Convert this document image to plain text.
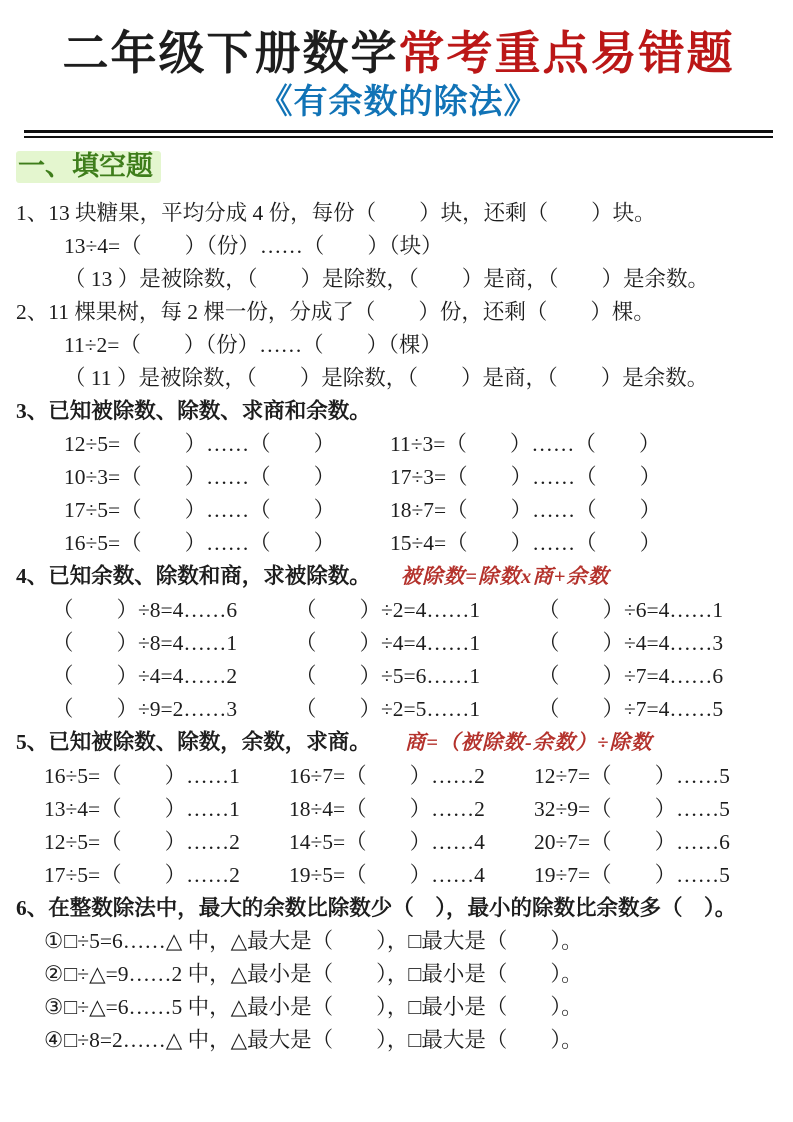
二年级下册数学常考重点易错题
《有余数的除法》
一、填空题
1、13 块糖果，平均分成 4 份，每份（　　）块，还剩（　　）块。
13÷4=（　　）（份）……（　　）（块）
（ 13 ）是被除数，（　　）是除数，（　　）是商，（　　）是余数。
2、11 棵果树，每 2 棵一份，分成了（　　）份，还剩（　　）棵。
11÷2=（　　）（份）……（　　）（棵）
（ 11 ）是被除数，（　　）是除数，（　　）是商，（　　）是余数。
3、已知被除数、除数、求商和余数。
12÷5=（　　）……（　　）	11÷3=（　　）……（　　）
10÷3=（　　）……（　　）	17÷3=（　　）……（　　）
17÷5=（　　）……（　　）	18÷7=（　　）……（　　）
16÷5=（　　）……（　　）	15÷4=（　　）……（　　）
4、已知余数、除数和商，求被除数。 被除数=除数x商+余数
（　　）÷8=4……6	（　　）÷2=4……1	（　　）÷6=4……1
（　　）÷8=4……1	（　　）÷4=4……1	（　　）÷4=4……3
（　　）÷4=4……2	（　　）÷5=6……1	（　　）÷7=4……6
（　　）÷9=2……3	（　　）÷2=5……1	（　　）÷7=4……5
5、已知被除数、除数，余数，求商。 商=（被除数-余数）÷除数
16÷5=（　　）……1	16÷7=（　　）……2	12÷7=（　　）……5
13÷4=（　　）……1	18÷4=（　　）……2	32÷9=（　　）……5
12÷5=（　　）……2	14÷5=（　　）……4	20÷7=（　　）……6
17÷5=（　　）……2	19÷5=（　　）……4	19÷7=（　　）……5
6、在整数除法中，最大的余数比除数少（　），最小的除数比余数多（　）。
① □÷5=6……△ 中，△最大是（　　），□最大是（　　）。
② □÷△=9……2 中，△最小是（　　），□最小是（　　）。
③ □÷△=6……5 中，△最小是（　　），□最小是（　　）。
④ □÷8=2……△ 中，△最大是（　　），□最大是（　　）。
